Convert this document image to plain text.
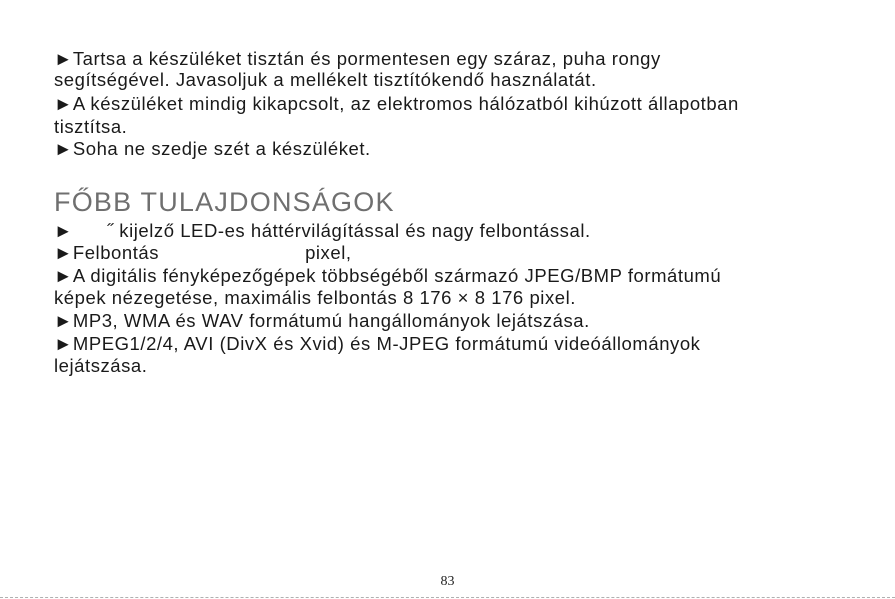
►Tartsa a készüléket tisztán és pormentesen egy száraz, puha rongy
segítségével. Javasoljuk a mellékelt tisztítókendő használatát.
►A készüléket mindig kikapcsolt, az elektromos hálózatból kihúzott állapotban
tisztítsa.
►Soha ne szedje szét a készüléket.
FŐBB TULAJDONSÁGOK
► ˝ kijelző LED-es háttérvilágítással és nagy felbontással.
►Felbontás	pixel,
►A digitális fényképezőgépek többségéből származó JPEG/BMP formátumú
képek nézegetése, maximális felbontás 8 176 × 8 176 pixel.
►MP3, WMA és WAV formátumú hangállományok lejátszása.
►MPEG1/2/4, AVI (DivX és Xvid) és M-JPEG formátumú videóállományok
lejátszása.
83
